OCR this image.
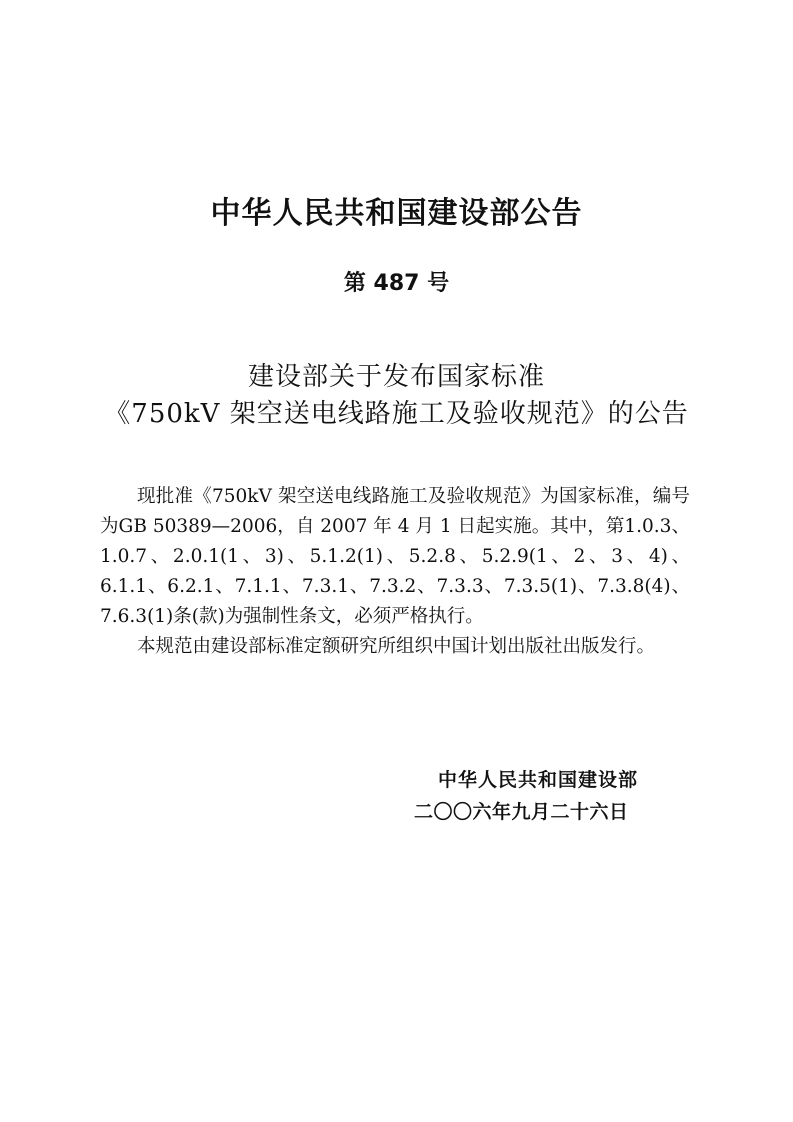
中华人民共和国建设部公告
第 487 号
建设部关于发布国家标准
《750kV 架空送电线路施工及验收规范》的公告

现批准《750kV 架空送电线路施工及验收规范》为国家标准，编号为GB 50389—2006，自 2007 年 4 月 1 日起实施。其中，第1.0.3、1.0.7、2.0.1(1、3)、5.1.2(1)、5.2.8、5.2.9(1、2、3、4)、6.1.1、6.2.1、7.1.1、7.3.1、7.3.2、7.3.3、7.3.5(1)、7.3.8(4)、7.6.3(1)条(款)为强制性条文，必须严格执行。

本规范由建设部标准定额研究所组织中国计划出版社出版发行。

中华人民共和国建设部
二〇〇六年九月二十六日
